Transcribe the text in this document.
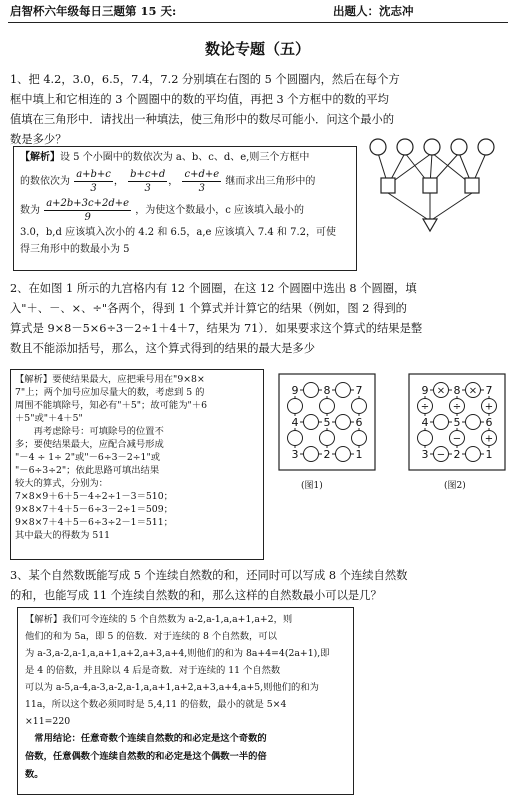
启智杯六年级每日三题第 15 天:	出题人：沈志冲
数论专题（五）
1、把 4.2，3.0，6.5，7.4，7.2 分别填在右图的 5 个圆圈内，然后在每个方
框中填上和它相连的 3 个圆圈中的数的平均值，再把 3 个方框中的数的平均
值填在三角形中．请找出一种填法，使三角形中的数尽可能小．问这个最小的
数是多少？
【解析】设 5 个小圈中的数依次为 a、b、c、d、e,则三个方框中
的数依次为 $\frac{a+b+c}{3}$ ， $\frac{b+c+d}{3}$ ， $\frac{c+d+e}{3}$ 继而求出三角形中的
数为 $\frac{a+2b+3c+2d+e}{9}$ ，为使这个数最小，c 应该填入最小的
3.0，b,d 应该填入次小的 4.2 和 6.5，a,e 应该填入 7.4 和 7.2，可使
得三角形中的数最小为 5
2、在如图 1 所示的九宫格内有 12 个圆圈，在这 12 个圆圈中选出 8 个圆圈，填
入"＋、－、×、÷"各两个，得到 1 个算式并计算它的结果（例如，图 2 得到的
算式是 9×8－5×6÷3－2÷1＋4＋7，结果为 71）．如果要求这个算式的结果是整
数且不能添加括号，那么，这个算式得到的结果的最大是多少
【解析】要使结果最大，应把乘号用在"9×8×
7"上；两个加号应加尽量大的数，考虑到 5 的
周围不能填除号，知必有"＋5"；故可能为"＋6
＋5"或"＋4＋5"
　　再考虑除号：可填除号的位置不
多；要使结果最大，应配合减号形成
"－4 ÷ 1÷ 2"或"－6÷3－2÷1"或
"－6÷3÷2"；依此思路可填出结果
较大的算式，分别为：
7×8×9＋6＋5－4÷2÷1－3＝510；
9×8×7＋4＋5－6÷3－2÷1＝509；
9×8×7＋4＋5－6÷3÷2－1＝511；
其中最大的得数为 511
9 8 7
4 5 6
3 2 1
(图1)
× ×
+
+
−
−
÷ ÷
9 8 7
4 5 6
3 2 1
(图2)
3、某个自然数既能写成 5 个连续自然数的和，还同时可以写成 8 个连续自然数
的和，也能写成 11 个连续自然数的和，那么这样的自然数最小可以是几？
【解析】我们可令连续的 5 个自然数为 a-2,a-1,a,a+1,a+2，则
他们的和为 5a，即 5 的倍数．对于连续的 8 个自然数，可以
为 a-3,a-2,a-1,a,a+1,a+2,a+3,a+4,则他们的和为 8a+4=4(2a+1),即
是 4 的倍数，并且除以 4 后是奇数．对于连续的 11 个自然数
可以为 a-5,a-4,a-3,a-2,a-1,a,a+1,a+2,a+3,a+4,a+5,则他们的和为
11a，所以这个数必须同时是 5,4,11 的倍数，最小的就是 5×4
×11=220
　常用结论：任意奇数个连续自然数的和必定是这个奇数的
倍数，任意偶数个连续自然数的和必定是这个偶数一半的倍
数。
